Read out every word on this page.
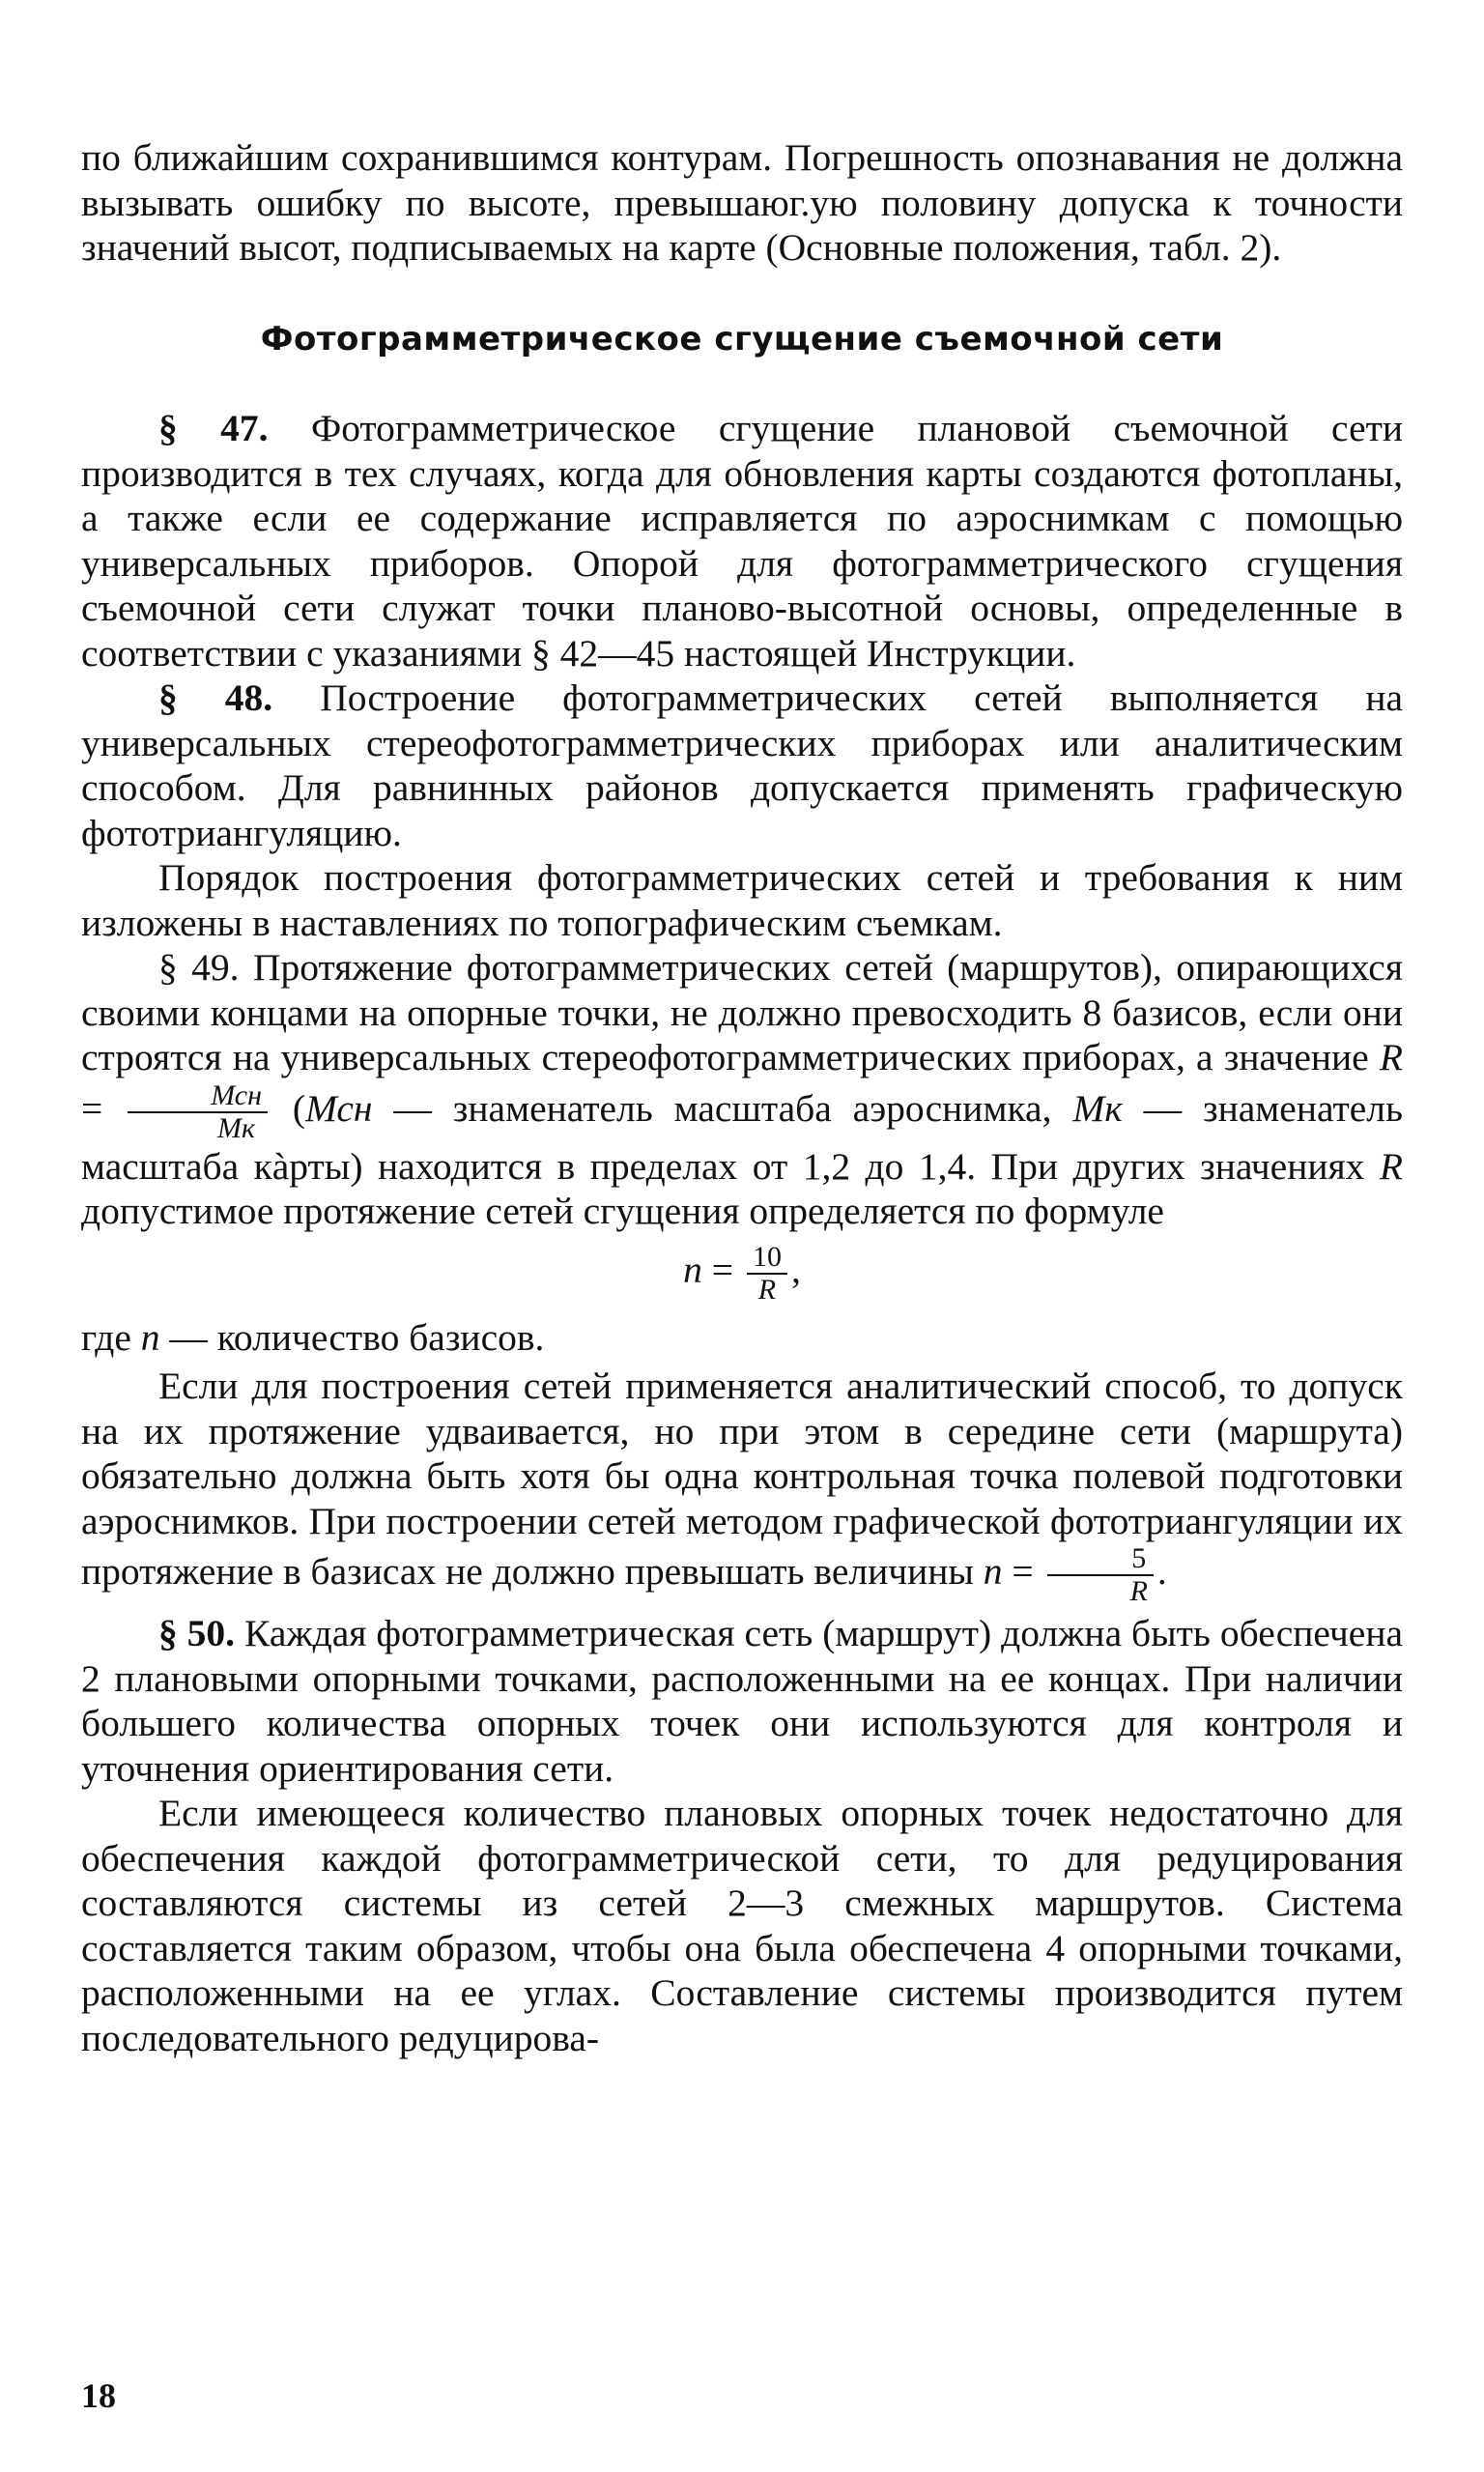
по ближайшим сохранившимся контурам. Погрешность опознавания не должна вызывать ошибку по высоте, превышаюг.ую половину допуска к точности значений высот, подписываемых на карте (Основные положения, табл. 2).

Фотограмметрическое сгущение съемочной сети

§ 47. Фотограмметрическое сгущение плановой съемочной сети производится в тех случаях, когда для обновления карты создаются фотопланы, а также если ее содержание исправляется по аэроснимкам с помощью универсальных приборов. Опорой для фотограмметрического сгущения съемочной сети служат точки планово-высотной основы, определенные в соответствии с указаниями § 42—45 настоящей Инструкции.

§ 48. Построение фотограмметрических сетей выполняется на универсальных стереофотограмметрических приборах или аналитическим способом. Для равнинных районов допускается применять графическую фототриангуляцию.

Порядок построения фотограмметрических сетей и требования к ним изложены в наставлениях по топографическим съемкам.

§ 49. Протяжение фотограмметрических сетей (маршрутов), опирающихся своими концами на опорные точки, не должно превосходить 8 базисов, если они строятся на универсальных стереофотограмметрических приборах, а значение $R = \frac{\text{Мсн}}{Мк} (Мсн$ — знаменатель масштаба аэроснимка, Мк — знаменатель масштаба кàрты) находится в пределах от 1,2 до 1,4. При других значениях R допустимое протяжение сетей сгущения определяется по формуле

$n = \frac{10}{R}$ ,

где n — количество базисов.

Если для построения сетей применяется аналитический способ, то допуск на их протяжение удваивается, но при этом в середине сети (маршрута) обязательно должна быть хотя бы одна контрольная точка полевой подготовки аэроснимков. При построении сетей методом графической фототриангуляции их протяжение в базисах не должно превышать величины $n = \frac{5}{R}$ .

§ 50. Каждая фотограмметрическая сеть (маршрут) должна быть обеспечена 2 плановыми опорными точками, расположенными на ее концах. При наличии большего количества опорных точек они используются для контроля и уточнения ориентирования сети.

Если имеющееся количество плановых опорных точек недостаточно для обеспечения каждой фотограмметрической сети, то для редуцирования составляются системы из сетей 2—3 смежных маршрутов. Система составляется таким образом, чтобы она была обеспечена 4 опорными точками, расположенными на ее углах. Составление системы производится путем последовательного редуцирова-

18
